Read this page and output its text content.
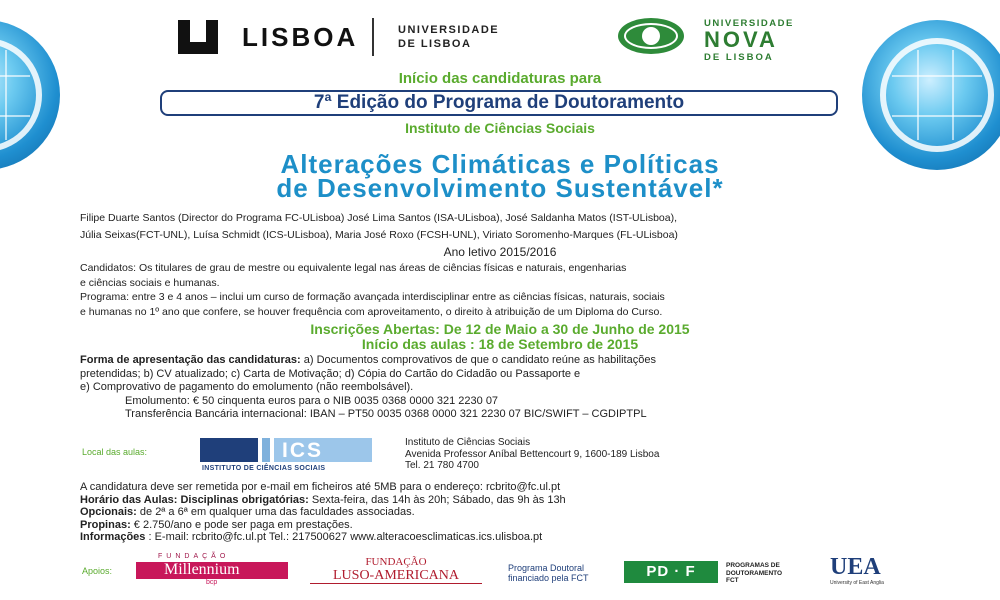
LISBOA	UNIVERSIDADE
DE LISBOA
UNIVERSIDADE
NOVA
DE LISBOA
Início das candidaturas para
7ª Edição do Programa de Doutoramento
Instituto de Ciências Sociais
Alterações Climáticas e Políticas
de Desenvolvimento Sustentável*
Filipe Duarte Santos (Director do Programa FC-ULisboa) José Lima Santos (ISA-ULisboa), José Saldanha Matos (IST-ULisboa),
Júlia Seixas(FCT-UNL), Luísa Schmidt (ICS-ULisboa), Maria José Roxo (FCSH-UNL), Viriato Soromenho-Marques (FL-ULisboa)
Ano letivo 2015/2016
Candidatos: Os titulares de grau de mestre ou equivalente legal nas áreas de ciências físicas e naturais, engenharias
e ciências sociais e humanas.
Programa: entre 3 e 4 anos – inclui um curso de formação avançada interdisciplinar entre as ciências físicas, naturais, sociais
e humanas no 1º ano que confere, se houver frequência com aproveitamento, o direito à atribuição de um Diploma do Curso.
Inscrições Abertas: De 12 de Maio a 30 de Junho de 2015
Início das aulas : 18 de Setembro de 2015
Forma de apresentação das candidaturas: a) Documentos comprovativos de que o candidato reúne as habilitações
pretendidas; b) CV atualizado; c) Carta de Motivação; d) Cópia do Cartão do Cidadão ou Passaporte e
e) Comprovativo de pagamento do emolumento (não reembolsável).
Emolumento: € 50 cinquenta euros para o NIB 0035 0368 0000 321 2230 07
Transferência Bancária internacional: IBAN – PT50 0035 0368 0000 321 2230 07 BIC/SWIFT – CGDIPTPL
Local das aulas:	ICS
INSTITUTO DE CIÊNCIAS SOCIAIS
Instituto de Ciências Sociais
Avenida Professor Aníbal Bettencourt 9, 1600-189 Lisboa
Tel. 21 780 4700
A candidatura deve ser remetida por e-mail em ficheiros até 5MB para o endereço: rcbrito@fc.ul.pt
Horário das Aulas: Disciplinas obrigatórias: Sexta-feira, das 14h às 20h; Sábado, das 9h às 13h
Opcionais: de 2ª a 6ª em qualquer uma das faculdades associadas.
Propinas: € 2.750/ano e pode ser paga em prestações.
Informações : E-mail: rcbrito@fc.ul.pt Tel.: 217500627 www.alteracoesclimaticas.ics.ulisboa.pt
Apoios:
FUNDAÇÃO
Millennium
bcp
FUNDAÇÃO
LUSO-AMERICANA	Programa Doutoral
financiado pela FCT	PD · F	PROGRAMAS DE
DOUTORAMENTO
FCT
UEA
University of East Anglia
